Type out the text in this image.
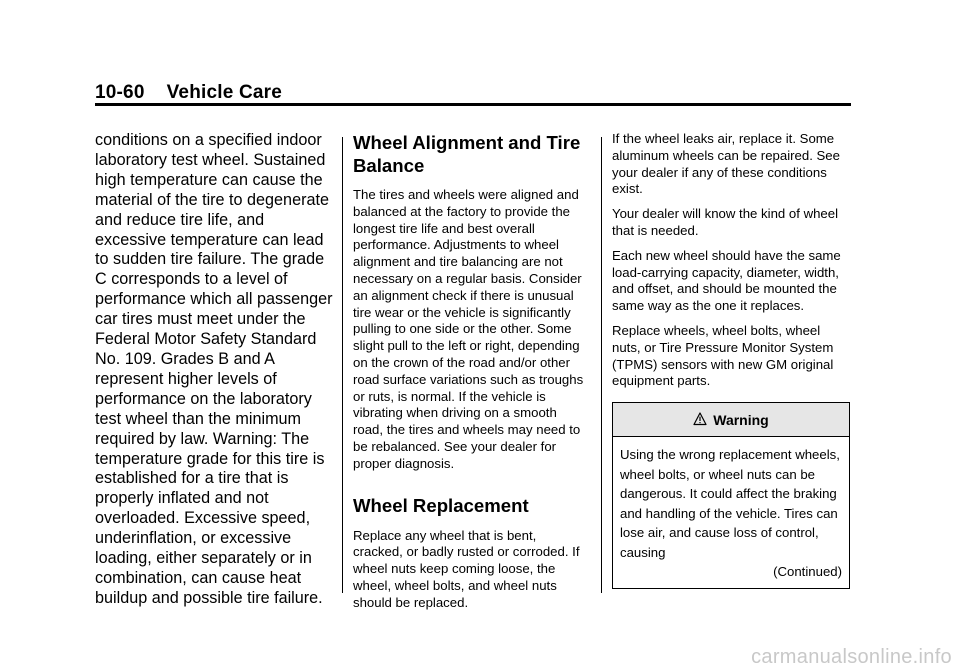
10-60 Vehicle Care

conditions on a specified indoor laboratory test wheel. Sustained high temperature can cause the material of the tire to degenerate and reduce tire life, and excessive temperature can lead to sudden tire failure. The grade C corresponds to a level of performance which all passenger car tires must meet under the Federal Motor Safety Standard No. 109. Grades B and A represent higher levels of performance on the laboratory test wheel than the minimum required by law. Warning: The temperature grade for this tire is established for a tire that is properly inflated and not overloaded. Excessive speed, underinflation, or excessive loading, either separately or in combination, can cause heat buildup and possible tire failure.

Wheel Alignment and Tire Balance

The tires and wheels were aligned and balanced at the factory to provide the longest tire life and best overall performance. Adjustments to wheel alignment and tire balancing are not necessary on a regular basis. Consider an alignment check if there is unusual tire wear or the vehicle is significantly pulling to one side or the other. Some slight pull to the left or right, depending on the crown of the road and/or other road surface variations such as troughs or ruts, is normal. If the vehicle is vibrating when driving on a smooth road, the tires and wheels may need to be rebalanced. See your dealer for proper diagnosis.

Wheel Replacement

Replace any wheel that is bent, cracked, or badly rusted or corroded. If wheel nuts keep coming loose, the wheel, wheel bolts, and wheel nuts should be replaced.

If the wheel leaks air, replace it. Some aluminum wheels can be repaired. See your dealer if any of these conditions exist.

Your dealer will know the kind of wheel that is needed.

Each new wheel should have the same load-carrying capacity, diameter, width, and offset, and should be mounted the same way as the one it replaces.

Replace wheels, wheel bolts, wheel nuts, or Tire Pressure Monitor System (TPMS) sensors with new GM original equipment parts.

Warning

Using the wrong replacement wheels, wheel bolts, or wheel nuts can be dangerous. It could affect the braking and handling of the vehicle. Tires can lose air, and cause loss of control, causing

(Continued)

carmanualsonline.info
